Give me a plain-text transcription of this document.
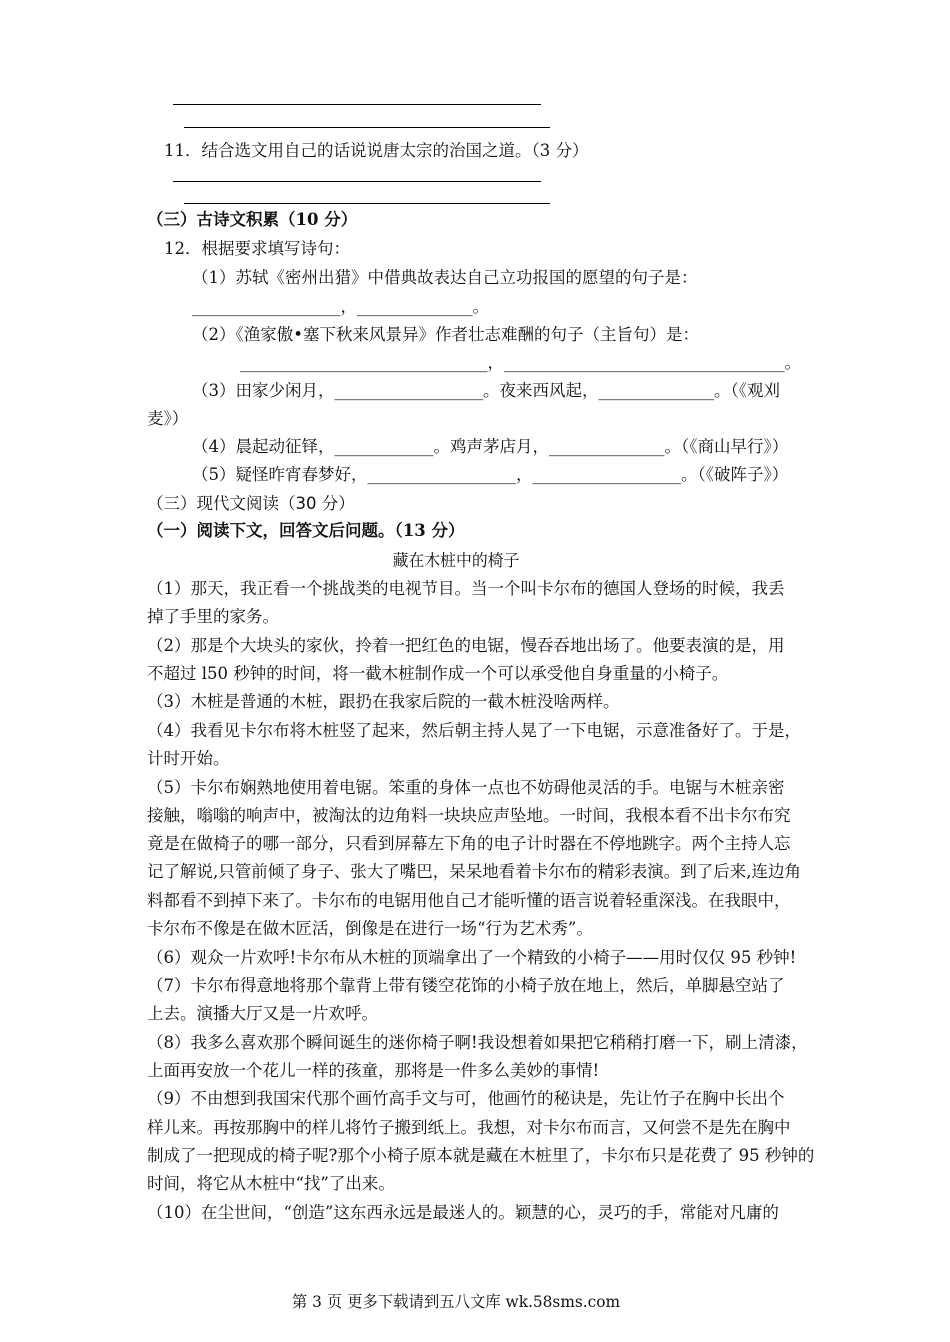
11．结合选文用自己的话说说唐太宗的治国之道。（3 分）
（三）古诗文积累（10 分）
12．根据要求填写诗句：
（1）苏轼《密州出猎》中借典故表达自己立功报国的愿望的句子是：
__________________，______________。
（2）《渔家傲•塞下秋来风景异》作者壮志难酬的句子（主旨句）是：
______________________________，__________________________________。
（3）田家少闲月，__________________。夜来西风起，______________。（《观刈
麦》）
（4）晨起动征铎，____________。鸡声茅店月，______________。（《商山早行》）
（5）疑怪昨宵春梦好，__________________，__________________。（《破阵子》）
（三）现代文阅读（30 分）
（一）阅读下文，回答文后问题。（13 分）
藏在木桩中的椅子
（1）那天，我正看一个挑战类的电视节目。当一个叫卡尔布的德国人登场的时候，我丢
掉了手里的家务。
（2）那是个大块头的家伙，拎着一把红色的电锯，慢吞吞地出场了。他要表演的是，用
不超过 l50 秒钟的时间，将一截木桩制作成一个可以承受他自身重量的小椅子。
（3）木桩是普通的木桩，跟扔在我家后院的一截木桩没啥两样。
（4）我看见卡尔布将木桩竖了起来，然后朝主持人晃了一下电锯，示意准备好了。于是，
计时开始。
（5）卡尔布娴熟地使用着电锯。笨重的身体一点也不妨碍他灵活的手。电锯与木桩亲密
接触，嗡嗡的响声中，被淘汰的边角料一块块应声坠地。一时间，我根本看不出卡尔布究
竟是在做椅子的哪一部分，只看到屏幕左下角的电子计时器在不停地跳字。两个主持人忘
记了解说,只管前倾了身子、张大了嘴巴，呆呆地看着卡尔布的精彩表演。到了后来,连边角
料都看不到掉下来了。卡尔布的电锯用他自己才能听懂的语言说着轻重深浅。在我眼中，
卡尔布不像是在做木匠活，倒像是在进行一场“行为艺术秀”。
（6）观众一片欢呼!卡尔布从木桩的顶端拿出了一个精致的小椅子——用时仅仅 95 秒钟!
（7）卡尔布得意地将那个靠背上带有镂空花饰的小椅子放在地上，然后，单脚悬空站了
上去。演播大厅又是一片欢呼。
（8）我多么喜欢那个瞬间诞生的迷你椅子啊!我设想着如果把它稍稍打磨一下，刷上清漆，
上面再安放一个花儿一样的孩童，那将是一件多么美妙的事情!
（9）不由想到我国宋代那个画竹高手文与可，他画竹的秘诀是，先让竹子在胸中长出个
样儿来。再按那胸中的样儿将竹子搬到纸上。我想，对卡尔布而言，又何尝不是先在胸中
制成了一把现成的椅子呢?那个小椅子原本就是藏在木桩里了，卡尔布只是花费了 95 秒钟的
时间，将它从木桩中“找”了出来。
（10）在尘世间，“创造”这东西永远是最迷人的。颖慧的心，灵巧的手，常能对凡庸的
第 3 页 更多下载请到五八文库 wk.58sms.com
